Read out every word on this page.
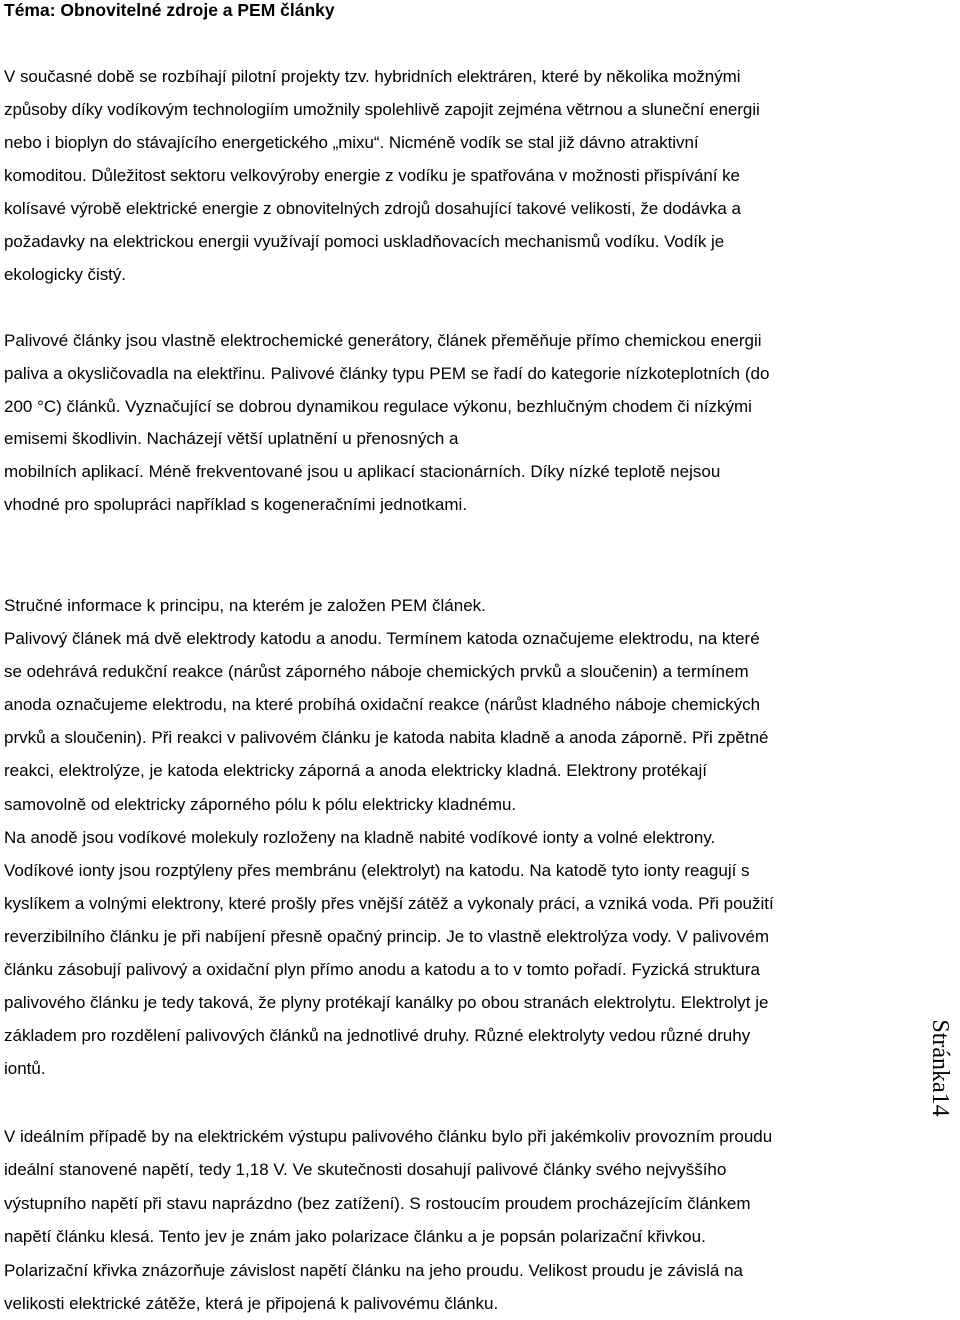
Téma: Obnovitelné zdroje a PEM články

V současné době se rozbíhají pilotní projekty tzv. hybridních elektráren, které by několika možnými
způsoby díky vodíkovým technologiím umožnily spolehlivě zapojit zejména větrnou a sluneční energii
nebo i bioplyn do stávajícího energetického „mixu“. Nicméně vodík se stal již dávno atraktivní
komoditou. Důležitost sektoru velkovýroby energie z vodíku je spatřována v možnosti přispívání ke
kolísavé výrobě elektrické energie z obnovitelných zdrojů dosahující takové velikosti, že dodávka a
požadavky na elektrickou energii využívají pomoci uskladňovacích mechanismů vodíku. Vodík je
ekologicky čistý.

Palivové články jsou vlastně elektrochemické generátory, článek přeměňuje přímo chemickou energii
paliva a okysličovadla na elektřinu. Palivové články typu PEM se řadí do kategorie nízkoteplotních (do
200 °C) článků. Vyznačující se dobrou dynamikou regulace výkonu, bezhlučným chodem či nízkými
emisemi škodlivin. Nacházejí větší uplatnění u přenosných a
mobilních aplikací. Méně frekventované jsou u aplikací stacionárních. Díky nízké teplotě nejsou
vhodné pro spolupráci například s kogeneračními jednotkami.

Stručné informace k principu, na kterém je založen PEM článek.
Palivový článek má dvě elektrody katodu a anodu. Termínem katoda označujeme elektrodu, na které
se odehrává redukční reakce (nárůst záporného náboje chemických prvků a sloučenin) a termínem
anoda označujeme elektrodu, na které probíhá oxidační reakce (nárůst kladného náboje chemických
prvků a sloučenin). Při reakci v palivovém článku je katoda nabita kladně a anoda záporně. Při zpětné
reakci, elektrolýze, je katoda elektricky záporná a anoda elektricky kladná. Elektrony protékají
samovolně od elektricky záporného pólu k pólu elektricky kladnému.
Na anodě jsou vodíkové molekuly rozloženy na kladně nabité vodíkové ionty a volné elektrony.
Vodíkové ionty jsou rozptýleny přes membránu (elektrolyt) na katodu. Na katodě tyto ionty reagují s
kyslíkem a volnými elektrony, které prošly přes vnější zátěž a vykonaly práci, a vzniká voda. Při použití
reverzibilního článku je při nabíjení přesně opačný princip. Je to vlastně elektrolýza vody. V palivovém
článku zásobují palivový a oxidační plyn přímo anodu a katodu a to v tomto pořadí. Fyzická struktura
palivového článku je tedy taková, že plyny protékají kanálky po obou stranách elektrolytu. Elektrolyt je
základem pro rozdělení palivových článků na jednotlivé druhy. Různé elektrolyty vedou různé druhy
iontů.

V ideálním případě by na elektrickém výstupu palivového článku bylo při jakémkoliv provozním proudu
ideální stanovené napětí, tedy 1,18 V. Ve skutečnosti dosahují palivové články svého nejvyššího
výstupního napětí při stavu naprázdno (bez zatížení). S rostoucím proudem procházejícím článkem
napětí článku klesá. Tento jev je znám jako polarizace článku a je popsán polarizační křivkou.
Polarizační křivka znázorňuje závislost napětí článku na jeho proudu. Velikost proudu je závislá na
velikosti elektrické zátěže, která je připojená k palivovému článku.

Stránka14
